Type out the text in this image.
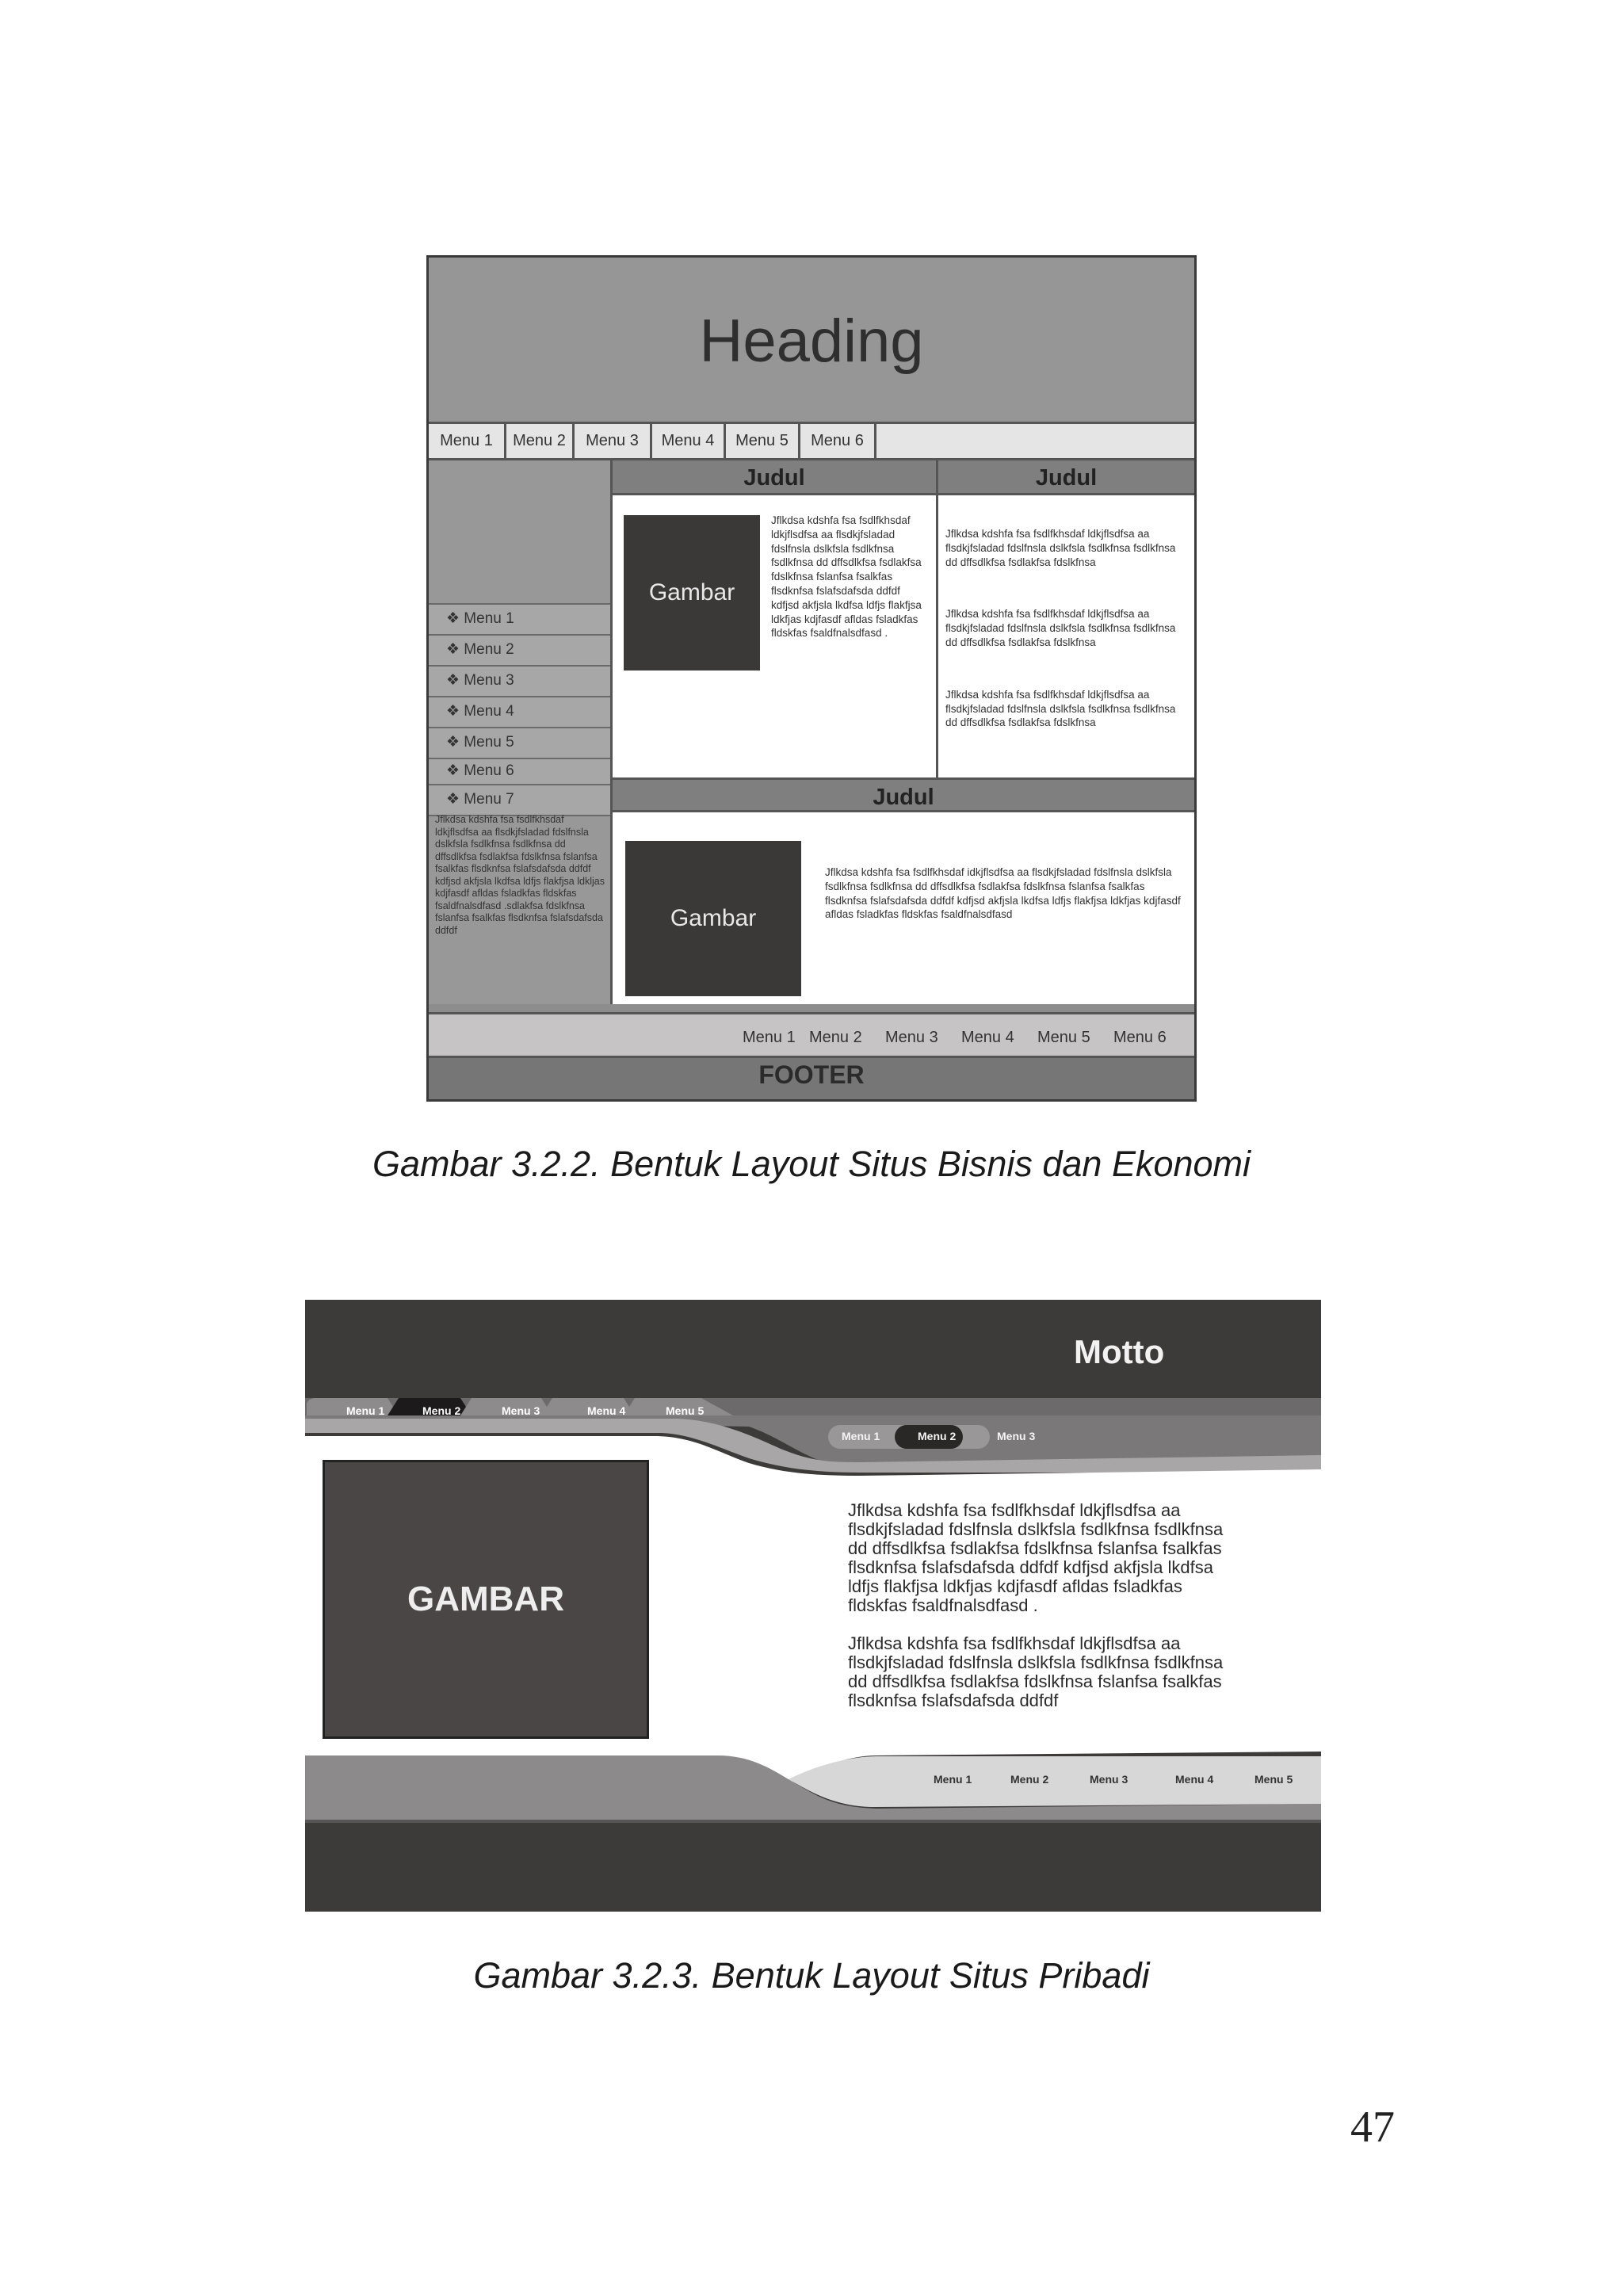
Heading
Menu 1	Menu 2	Menu 3	Menu 4	Menu 5	Menu 6
❖ Menu 1
❖ Menu 2
❖ Menu 3
❖ Menu 4
❖ Menu 5
❖ Menu 6
❖ Menu 7
Jflkdsa kdshfa fsa fsdlfkhsdaf ldkjflsdfsa aa flsdkjfsladad fdslfnsla dslkfsla fsdlkfnsa fsdlkfnsa dd dffsdlkfsa fsdlakfsa fdslkfnsa fslanfsa fsalkfas flsdknfsa fslafsdafsda ddfdf kdfjsd akfjsla lkdfsa ldfjs flakfjsa ldkljas kdjfasdf afldas fsladkfas fldskfas fsaldfnalsdfasd .sdlakfsa fdslkfnsa fslanfsa fsalkfas flsdknfsa fslafsdafsda ddfdf
Judul	Judul
Gambar
Jflkdsa kdshfa fsa fsdlfkhsdaf ldkjflsdfsa aa flsdkjfsladad fdslfnsla dslkfsla fsdlkfnsa fsdlkfnsa dd dffsdlkfsa fsdlakfsa fdslkfnsa fslanfsa fsalkfas flsdknfsa fslafsdafsda ddfdf kdfjsd akfjsla lkdfsa ldfjs flakfjsa ldkfjas kdjfasdf afldas fsladkfas fldskfas fsaldfnalsdfasd .
Jflkdsa kdshfa fsa fsdlfkhsdaf ldkjflsdfsa aa flsdkjfsladad fdslfnsla dslkfsla fsdlkfnsa fsdlkfnsa dd dffsdlkfsa fsdlakfsa fdslkfnsa
Jflkdsa kdshfa fsa fsdlfkhsdaf ldkjflsdfsa aa flsdkjfsladad fdslfnsla dslkfsla fsdlkfnsa fsdlkfnsa dd dffsdlkfsa fsdlakfsa fdslkfnsa
Jflkdsa kdshfa fsa fsdlfkhsdaf ldkjflsdfsa aa flsdkjfsladad fdslfnsla dslkfsla fsdlkfnsa fsdlkfnsa dd dffsdlkfsa fsdlakfsa fdslkfnsa
Judul
Gambar
Jflkdsa kdshfa fsa fsdlfkhsdaf idkjflsdfsa aa flsdkjfsladad fdslfnsla dslkfsla fsdlkfnsa fsdlkfnsa dd dffsdlkfsa fsdlakfsa fdslkfnsa fslanfsa fsalkfas flsdknfsa fslafsdafsda ddfdf kdfjsd akfjsla lkdfsa ldfjs flakfjsa ldkfjas kdjfasdf afldas fsladkfas fldskfas fsaldfnalsdfasd
Menu 1 Menu 2 Menu 3 Menu 4 Menu 5 Menu 6
FOOTER
Gambar 3.2.2. Bentuk Layout Situs Bisnis dan Ekonomi
Motto
Menu 1	Menu 2	Menu 3	Menu 4	Menu 5
Menu 1	Menu 2	Menu 3
GAMBAR
Jflkdsa kdshfa fsa fsdlfkhsdaf ldkjflsdfsa aa flsdkjfsladad fdslfnsla dslkfsla fsdlkfnsa fsdlkfnsa dd dffsdlkfsa fsdlakfsa fdslkfnsa fslanfsa fsalkfas flsdknfsa fslafsdafsda ddfdf kdfjsd akfjsla lkdfsa ldfjs flakfjsa ldkfjas kdjfasdf afldas fsladkfas fldskfas fsaldfnalsdfasd .
Jflkdsa kdshfa fsa fsdlfkhsdaf ldkjflsdfsa aa flsdkjfsladad fdslfnsla dslkfsla fsdlkfnsa fsdlkfnsa dd dffsdlkfsa fsdlakfsa fdslkfnsa fslanfsa fsalkfas flsdknfsa fslafsdafsda ddfdf
Menu 1	Menu 2	Menu 3	Menu 4	Menu 5
Gambar 3.2.3. Bentuk Layout Situs Pribadi
47
